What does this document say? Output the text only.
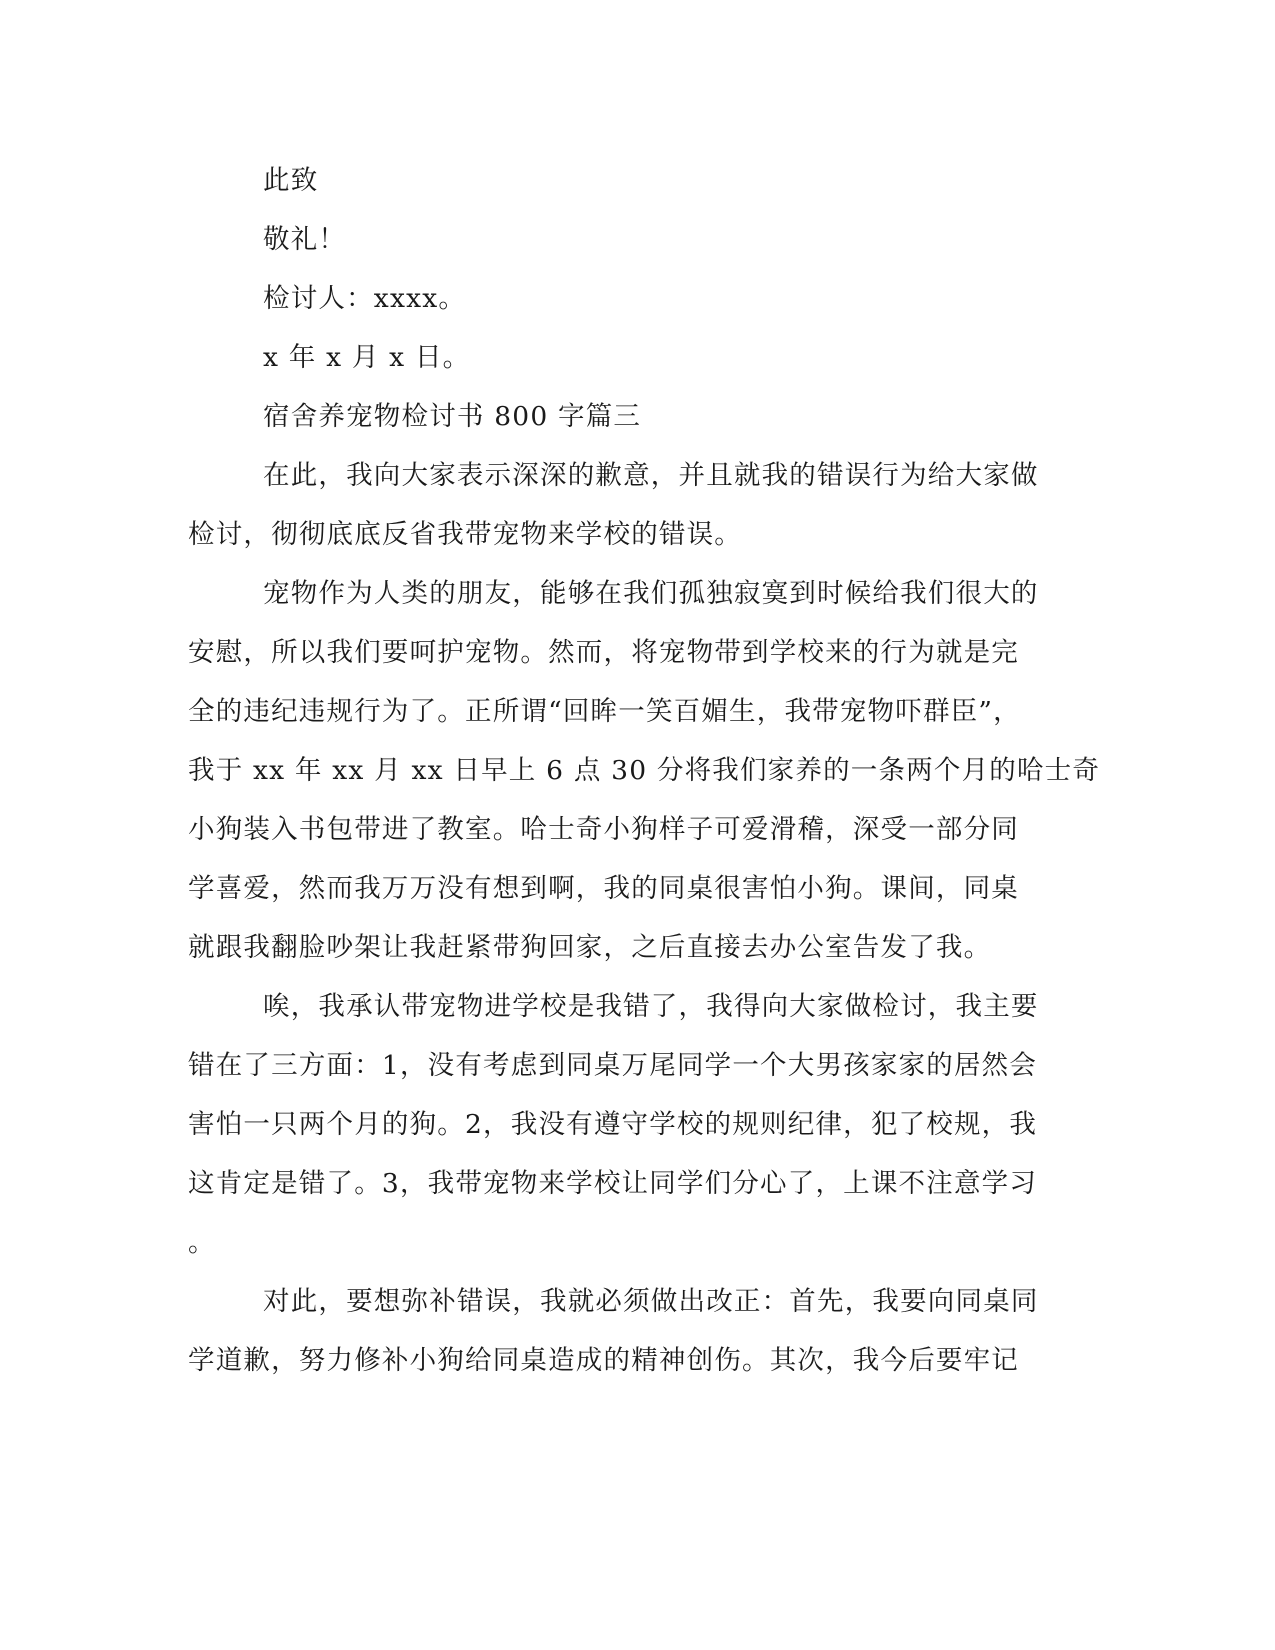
此致
敬礼！
检讨人：xxxx。
x 年 x 月 x 日。
宿舍养宠物检讨书 800 字篇三
在此，我向大家表示深深的歉意，并且就我的错误行为给大家做
检讨，彻彻底底反省我带宠物来学校的错误。
宠物作为人类的朋友，能够在我们孤独寂寞到时候给我们很大的
安慰，所以我们要呵护宠物。然而，将宠物带到学校来的行为就是完
全的违纪违规行为了。正所谓“回眸一笑百媚生，我带宠物吓群臣”，
我于 xx 年 xx 月 xx 日早上 6 点 30 分将我们家养的一条两个月的哈士奇
小狗装入书包带进了教室。哈士奇小狗样子可爱滑稽，深受一部分同
学喜爱，然而我万万没有想到啊，我的同桌很害怕小狗。课间，同桌
就跟我翻脸吵架让我赶紧带狗回家，之后直接去办公室告发了我。
唉，我承认带宠物进学校是我错了，我得向大家做检讨，我主要
错在了三方面：1，没有考虑到同桌万尾同学一个大男孩家家的居然会
害怕一只两个月的狗。2，我没有遵守学校的规则纪律，犯了校规，我
这肯定是错了。3，我带宠物来学校让同学们分心了，上课不注意学习
。
对此，要想弥补错误，我就必须做出改正：首先，我要向同桌同
学道歉，努力修补小狗给同桌造成的精神创伤。其次，我今后要牢记
